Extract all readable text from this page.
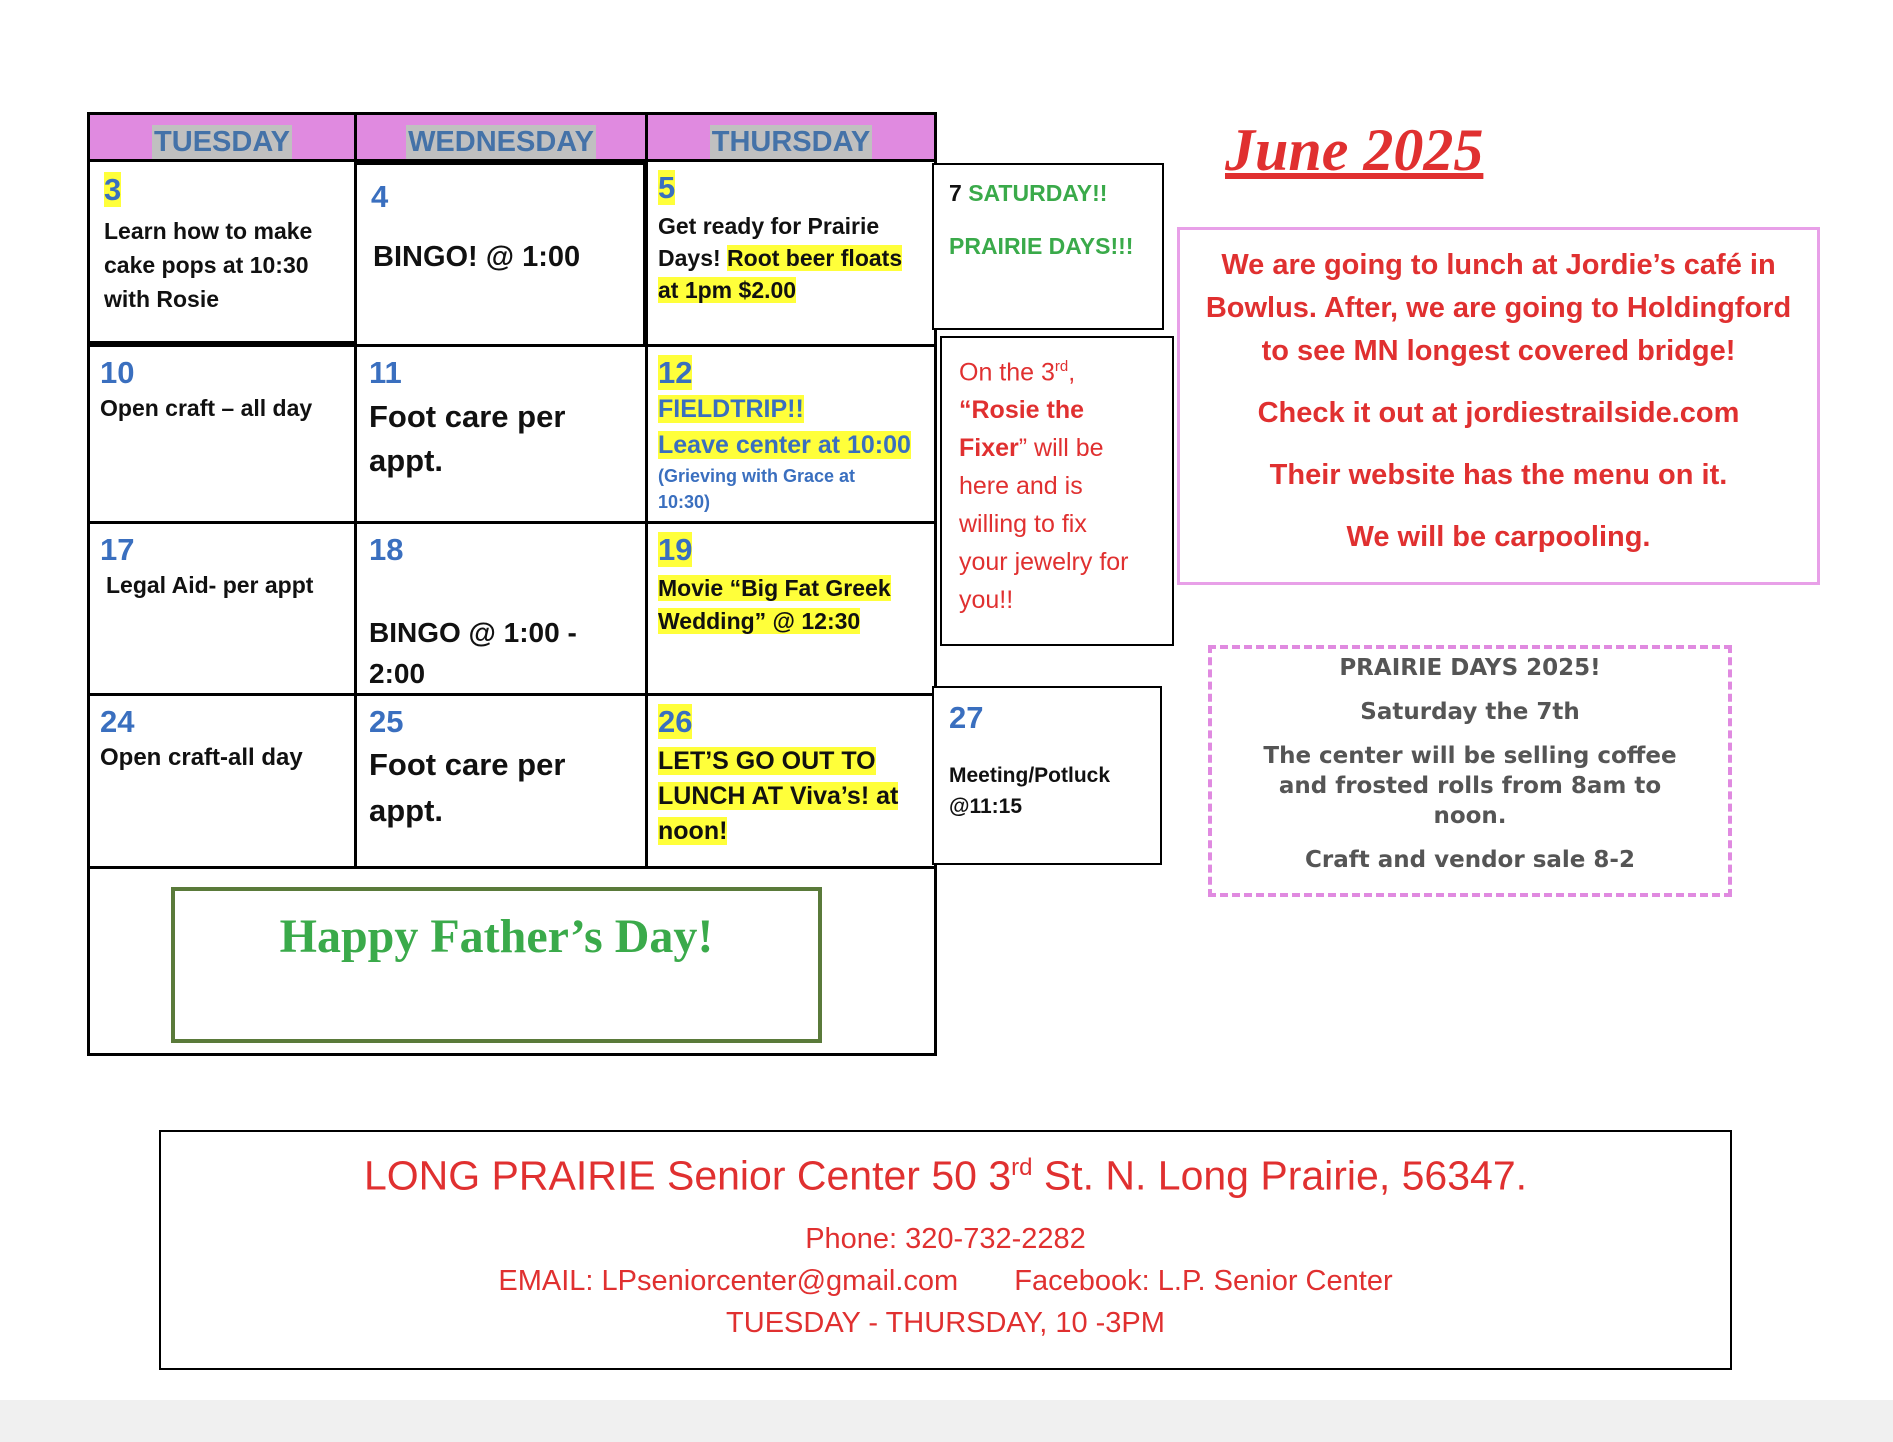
June 2025
TUESDAY	WEDNESDAY	THURSDAY
3
Learn how to make
cake pops at 10:30
with Rosie
4
BINGO! @ 1:00
5
Get ready for Prairie
Days! Root beer floats
at 1pm $2.00
10
Open craft – all day
11
Foot care per
appt.
12
FIELDTRIP!!
Leave center at 10:00
(Grieving with Grace at
10:30)
17
Legal Aid- per appt
18
BINGO @ 1:00 -
2:00
19
Movie “Big Fat Greek
Wedding” @ 12:30
24
Open craft-all day
25
Foot care per
appt.
26
LET’S GO OUT TO
LUNCH AT Viva’s! at
noon!
Happy Father’s Day!
7 SATURDAY!!
PRAIRIE DAYS!!!
On the 3rd,
“Rosie the
Fixer” will be
here and is
willing to fix
your jewelry for
you!!
27
Meeting/Potluck
@11:15
We are going to lunch at Jordie’s café in
Bowlus. After, we are going to Holdingford
to see MN longest covered bridge!
Check it out at jordiestrailside.com
Their website has the menu on it.
We will be carpooling.
PRAIRIE DAYS 2025!
Saturday the 7th
The center will be selling coffee
and frosted rolls from 8am to
noon.
Craft and vendor sale 8-2
LONG PRAIRIE Senior Center 50 3rd St. N. Long Prairie, 56347.
Phone: 320-732-2282
EMAIL: LPseniorcenter@gmail.com Facebook: L.P. Senior Center
TUESDAY - THURSDAY, 10 -3PM
